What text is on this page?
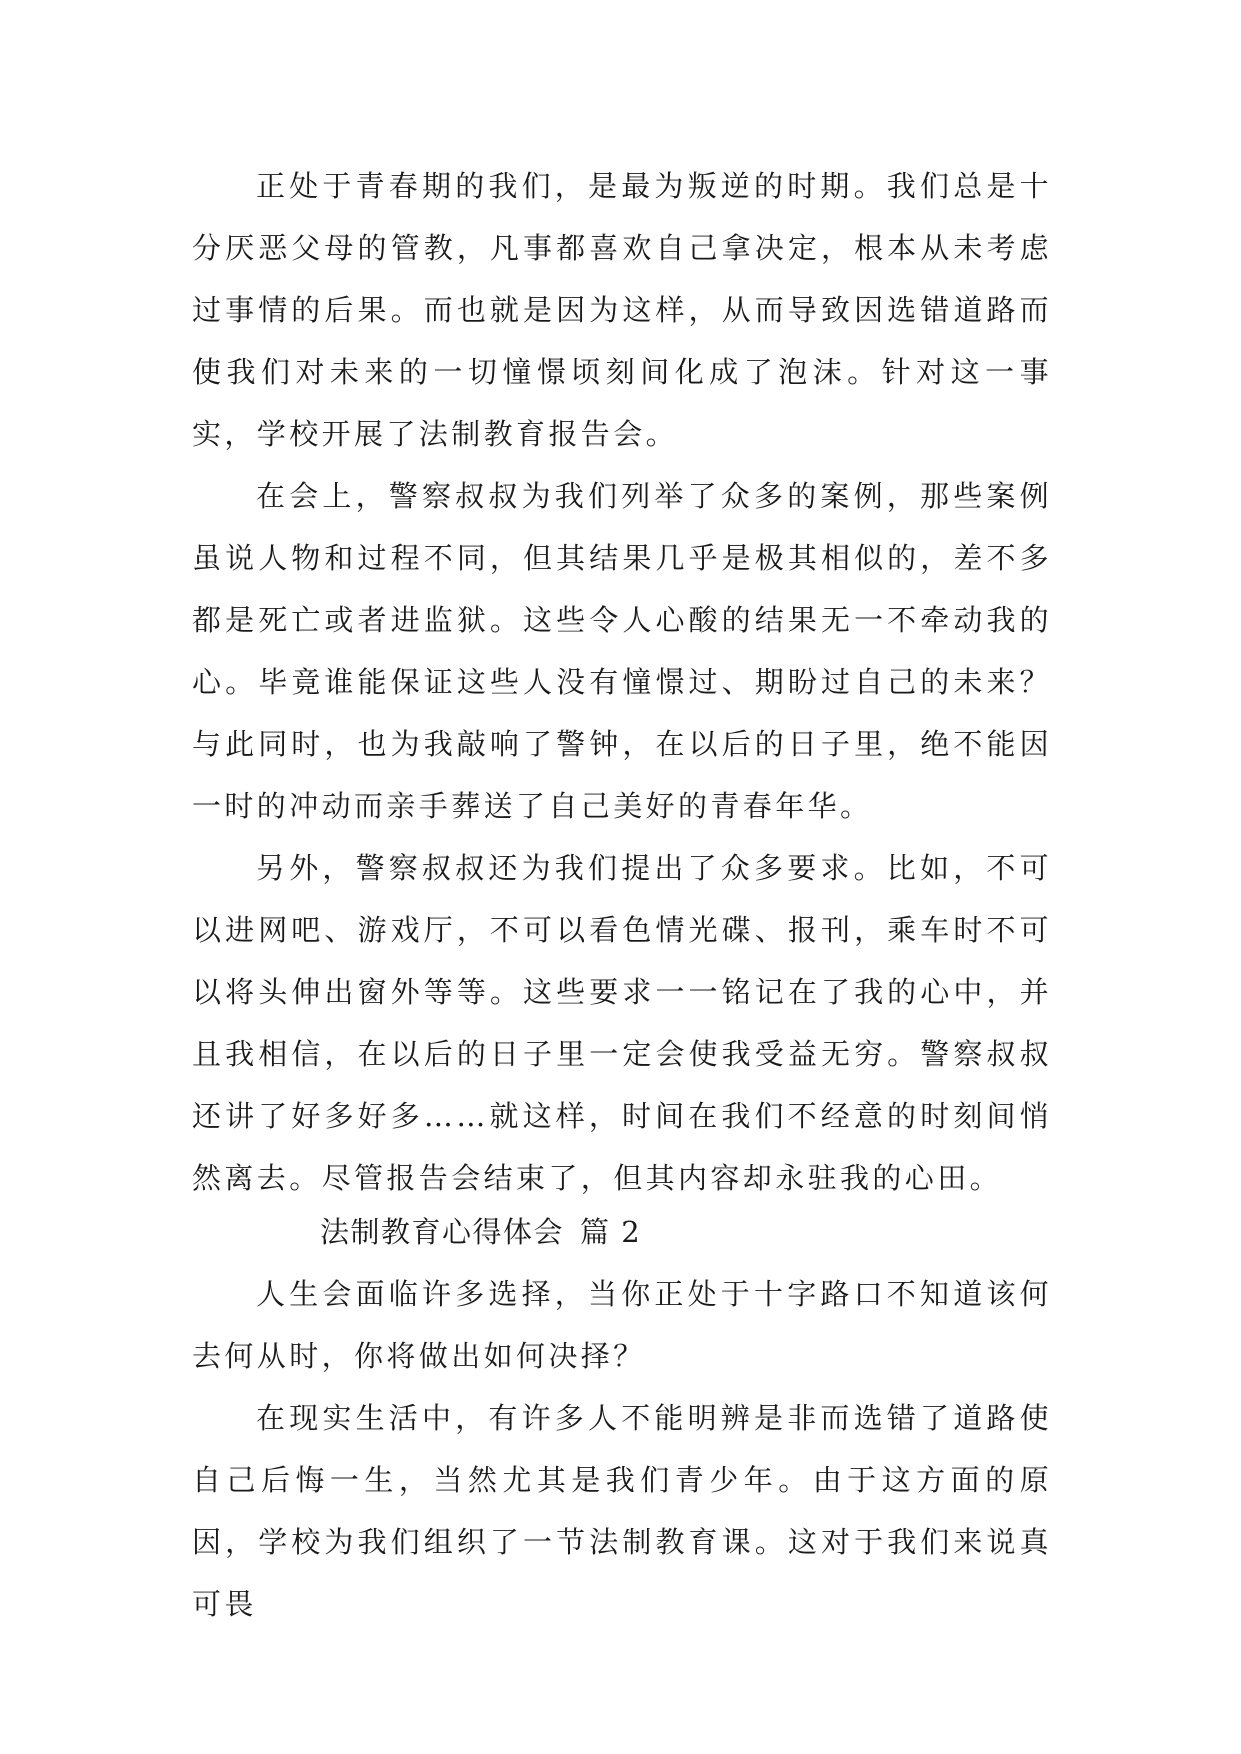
正处于青春期的我们，是最为叛逆的时期。我们总是十分厌恶父母的管教，凡事都喜欢自己拿决定，根本从未考虑过事情的后果。而也就是因为这样，从而导致因选错道路而使我们对未来的一切憧憬顷刻间化成了泡沫。针对这一事实，学校开展了法制教育报告会。

在会上，警察叔叔为我们列举了众多的案例，那些案例虽说人物和过程不同，但其结果几乎是极其相似的，差不多都是死亡或者进监狱。这些令人心酸的结果无一不牵动我的心。毕竟谁能保证这些人没有憧憬过、期盼过自己的未来？与此同时，也为我敲响了警钟，在以后的日子里，绝不能因一时的冲动而亲手葬送了自己美好的青春年华。

另外，警察叔叔还为我们提出了众多要求。比如，不可以进网吧、游戏厅，不可以看色情光碟、报刊，乘车时不可以将头伸出窗外等等。这些要求一一铭记在了我的心中，并且我相信，在以后的日子里一定会使我受益无穷。警察叔叔还讲了好多好多……就这样，时间在我们不经意的时刻间悄然离去。尽管报告会结束了，但其内容却永驻我的心田。

法制教育心得体会 篇 2

人生会面临许多选择，当你正处于十字路口不知道该何去何从时，你将做出如何决择？

在现实生活中，有许多人不能明辨是非而选错了道路使自己后悔一生，当然尤其是我们青少年。由于这方面的原因，学校为我们组织了一节法制教育课。这对于我们来说真可畏
